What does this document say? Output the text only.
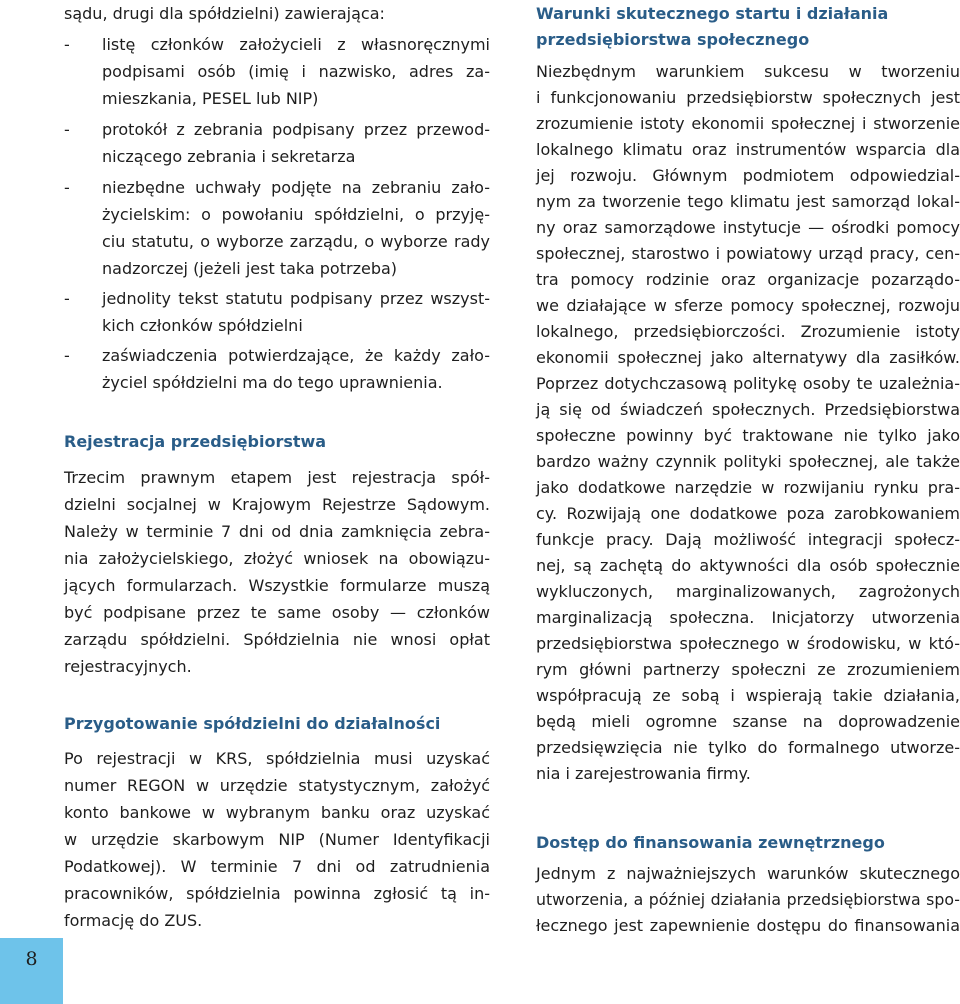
sądu, drugi dla spółdzielni) zawierająca:
-	listę członków założycieli z własnoręcznymi
podpisami osób (imię i nazwisko, adres za-
mieszkania, PESEL lub NIP)
-	protokół z zebrania podpisany przez przewod-
niczącego zebrania i sekretarza
-	niezbędne uchwały podjęte na zebraniu zało-
życielskim: o powołaniu spółdzielni, o przyję-
ciu statutu, o wyborze zarządu, o wyborze rady
nadzorczej (jeżeli jest taka potrzeba)
-	jednolity tekst statutu podpisany przez wszyst-
kich członków spółdzielni
-	zaświadczenia potwierdzające, że każdy zało-
życiel spółdzielni ma do tego uprawnienia.
Rejestracja przedsiębiorstwa
Trzecim prawnym etapem jest rejestracja spół-
dzielni socjalnej w Krajowym Rejestrze Sądowym.
Należy w terminie 7 dni od dnia zamknięcia zebra-
nia założycielskiego, złożyć wniosek na obowiązu-
jących formularzach. Wszystkie formularze muszą
być podpisane przez te same osoby — członków
zarządu spółdzielni. Spółdzielnia nie wnosi opłat
rejestracyjnych.
Przygotowanie spółdzielni do działalności
Po rejestracji w KRS, spółdzielnia musi uzyskać
numer REGON w urzędzie statystycznym, założyć
konto bankowe w wybranym banku oraz uzyskać
w urzędzie skarbowym NIP (Numer Identyfikacji
Podatkowej). W terminie 7 dni od zatrudnienia
pracowników, spółdzielnia powinna zgłosić tą in-
formację do ZUS.
Warunki skutecznego startu i działania
przedsiębiorstwa społecznego
Niezbędnym warunkiem sukcesu w tworzeniu
i funkcjonowaniu przedsiębiorstw społecznych jest
zrozumienie istoty ekonomii społecznej i stworzenie
lokalnego klimatu oraz instrumentów wsparcia dla
jej rozwoju. Głównym podmiotem odpowiedzial-
nym za tworzenie tego klimatu jest samorząd lokal-
ny oraz samorządowe instytucje — ośrodki pomocy
społecznej, starostwo i powiatowy urząd pracy, cen-
tra pomocy rodzinie oraz organizacje pozarządo-
we działające w sferze pomocy społecznej, rozwoju
lokalnego, przedsiębiorczości. Zrozumienie istoty
ekonomii społecznej jako alternatywy dla zasiłków.
Poprzez dotychczasową politykę osoby te uzależnia-
ją się od świadczeń społecznych. Przedsiębiorstwa
społeczne powinny być traktowane nie tylko jako
bardzo ważny czynnik polityki społecznej, ale także
jako dodatkowe narzędzie w rozwijaniu rynku pra-
cy. Rozwijają one dodatkowe poza zarobkowaniem
funkcje pracy. Dają możliwość integracji społecz-
nej, są zachętą do aktywności dla osób społecznie
wykluczonych, marginalizowanych, zagrożonych
marginalizacją społeczna. Inicjatorzy utworzenia
przedsiębiorstwa społecznego w środowisku, w któ-
rym główni partnerzy społeczni ze zrozumieniem
współpracują ze sobą i wspierają takie działania,
będą mieli ogromne szanse na doprowadzenie
przedsięwzięcia nie tylko do formalnego utworze-
nia i zarejestrowania firmy.
Dostęp do finansowania zewnętrznego
Jednym z najważniejszych warunków skutecznego
utworzenia, a później działania przedsiębiorstwa spo-
łecznego jest zapewnienie dostępu do finansowania
8
